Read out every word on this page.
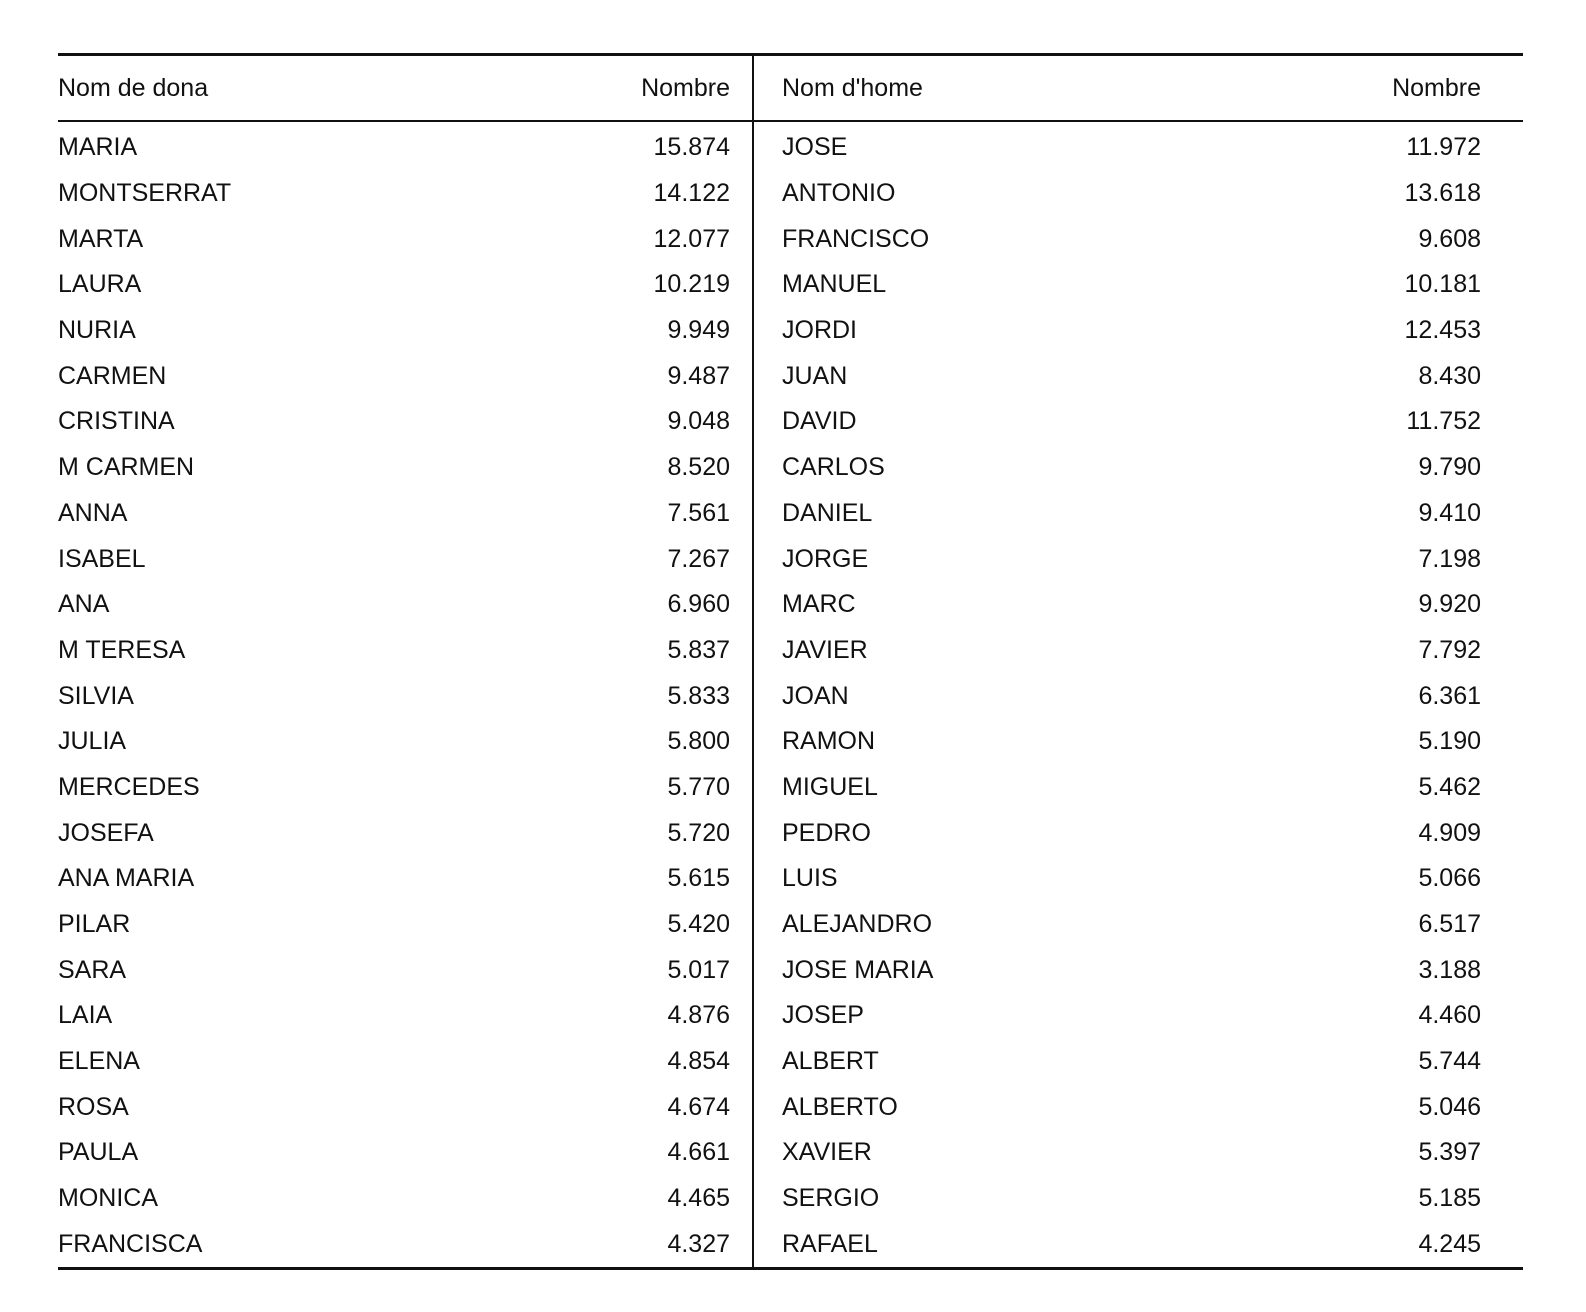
Nom de dona	Nombre	Nom d'home	Nombre
MARIA	15.874	JOSE	11.972
MONTSERRAT	14.122	ANTONIO	13.618
MARTA	12.077	FRANCISCO	9.608
LAURA	10.219	MANUEL	10.181
NURIA	9.949	JORDI	12.453
CARMEN	9.487	JUAN	8.430
CRISTINA	9.048	DAVID	11.752
M CARMEN	8.520	CARLOS	9.790
ANNA	7.561	DANIEL	9.410
ISABEL	7.267	JORGE	7.198
ANA	6.960	MARC	9.920
M TERESA	5.837	JAVIER	7.792
SILVIA	5.833	JOAN	6.361
JULIA	5.800	RAMON	5.190
MERCEDES	5.770	MIGUEL	5.462
JOSEFA	5.720	PEDRO	4.909
ANA MARIA	5.615	LUIS	5.066
PILAR	5.420	ALEJANDRO	6.517
SARA	5.017	JOSE MARIA	3.188
LAIA	4.876	JOSEP	4.460
ELENA	4.854	ALBERT	5.744
ROSA	4.674	ALBERTO	5.046
PAULA	4.661	XAVIER	5.397
MONICA	4.465	SERGIO	5.185
FRANCISCA	4.327	RAFAEL	4.245
